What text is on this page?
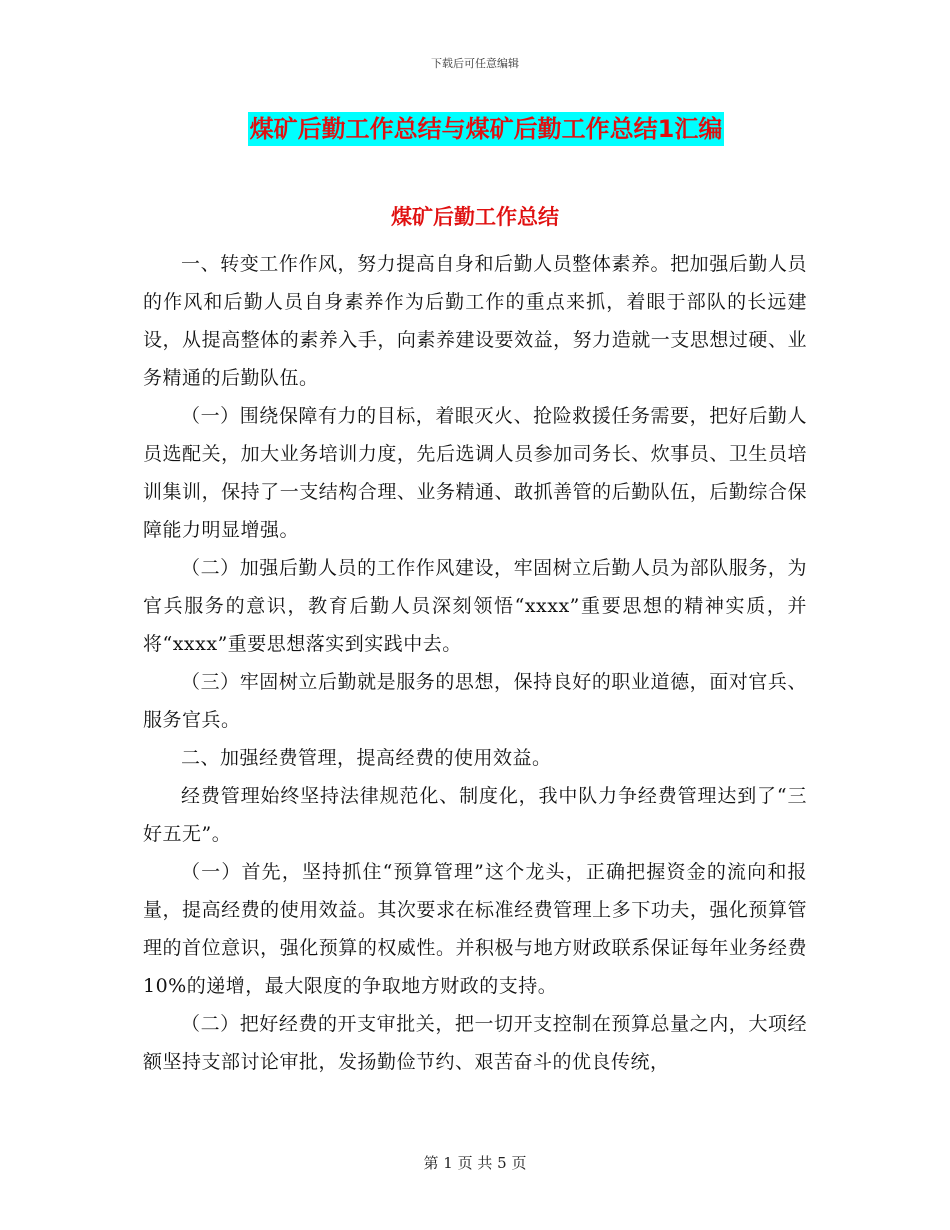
下载后可任意编辑
煤矿后勤工作总结与煤矿后勤工作总结1汇编
煤矿后勤工作总结

一、转变工作作风，努力提高自身和后勤人员整体素养。把加强后勤人员的作风和后勤人员自身素养作为后勤工作的重点来抓，着眼于部队的长远建设，从提高整体的素养入手，向素养建设要效益，努力造就一支思想过硬、业务精通的后勤队伍。

（一）围绕保障有力的目标，着眼灭火、抢险救援任务需要，把好后勤人员选配关，加大业务培训力度，先后选调人员参加司务长、炊事员、卫生员培训集训，保持了一支结构合理、业务精通、敢抓善管的后勤队伍，后勤综合保障能力明显增强。

（二）加强后勤人员的工作作风建设，牢固树立后勤人员为部队服务，为官兵服务的意识，教育后勤人员深刻领悟“xxxx”重要思想的精神实质，并将“xxxx”重要思想落实到实践中去。

（三）牢固树立后勤就是服务的思想，保持良好的职业道德，面对官兵、服务官兵。

二、加强经费管理，提高经费的使用效益。

经费管理始终坚持法律规范化、制度化，我中队力争经费管理达到了“三好五无”。

（一）首先，坚持抓住“预算管理”这个龙头，正确把握资金的流向和报量，提高经费的使用效益。其次要求在标准经费管理上多下功夫，强化预算管理的首位意识，强化预算的权威性。并积极与地方财政联系保证每年业务经费10%的递增，最大限度的争取地方财政的支持。

（二）把好经费的开支审批关，把一切开支控制在预算总量之内，大项经额坚持支部讨论审批，发扬勤俭节约、艰苦奋斗的优良传统，

第 1 页 共 5 页
